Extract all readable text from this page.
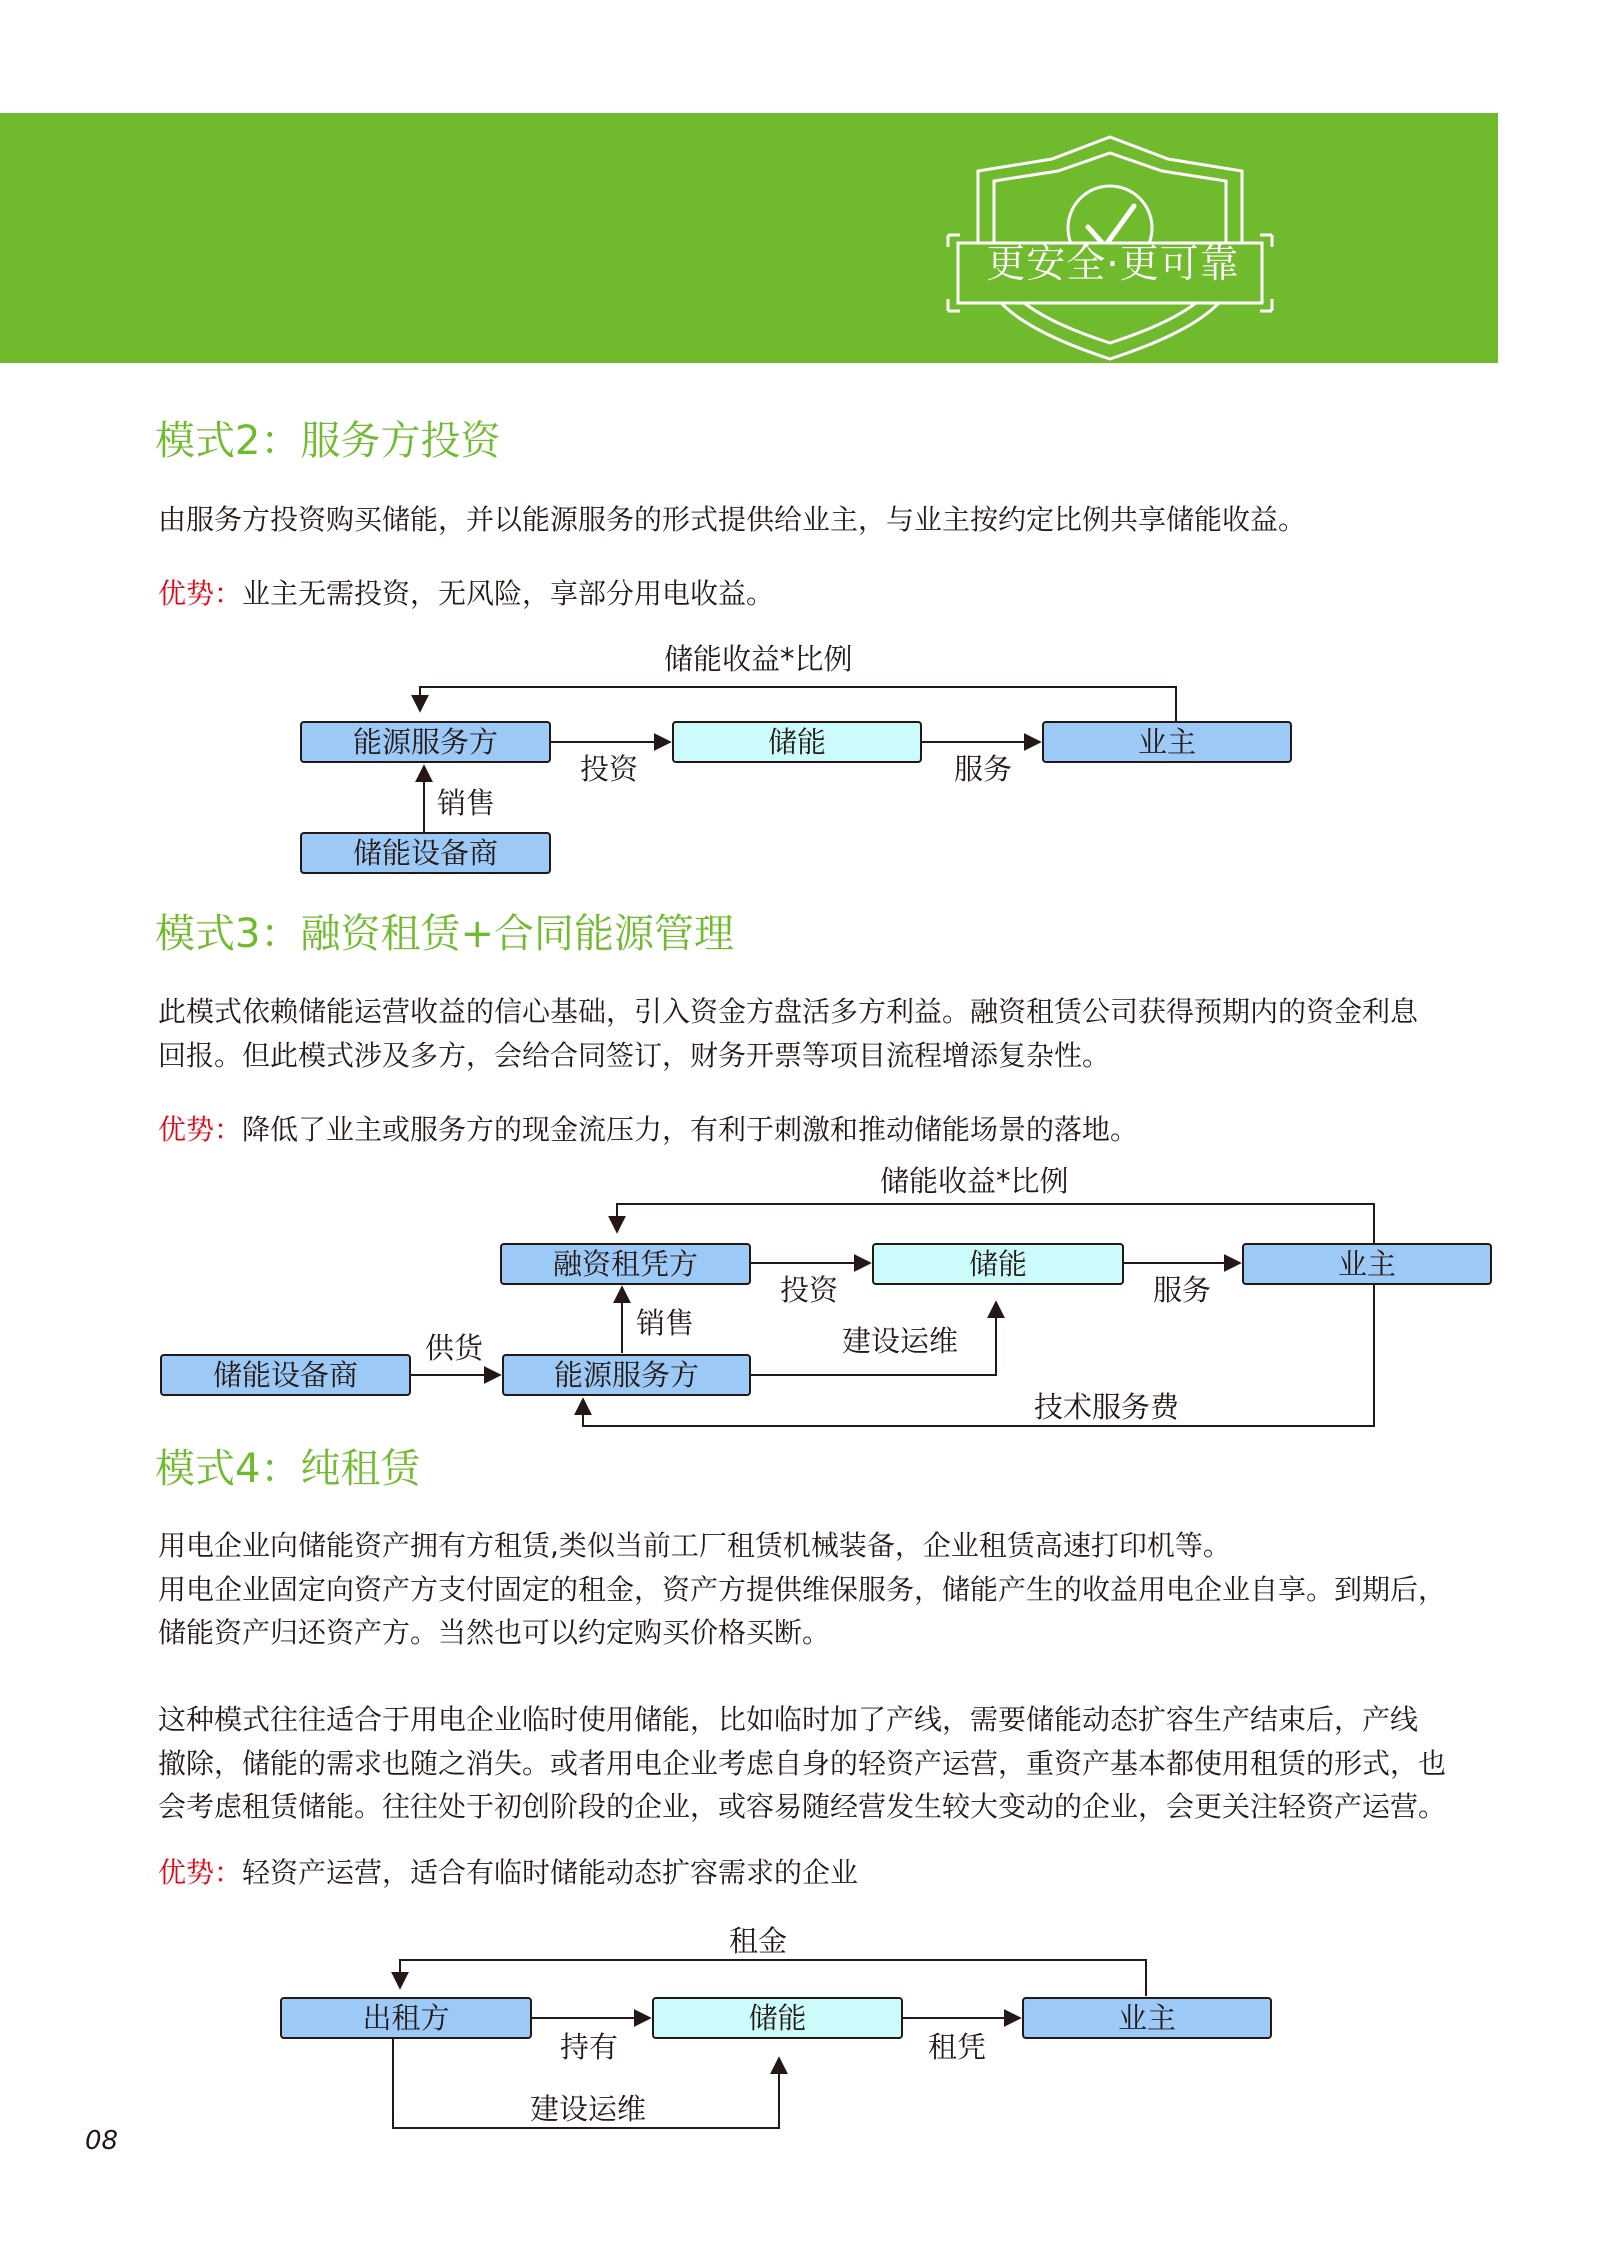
更安全·更可靠
模式2：服务方投资
由服务方投资购买储能，并以能源服务的形式提供给业主，与业主按约定比例共享储能收益。
优势：业主无需投资，无风险，享部分用电收益。
能源服务方	储能	业主
储能设备商
储能收益*比例
投资	服务
销售
模式3：融资租赁+合同能源管理
此模式依赖储能运营收益的信心基础，引入资金方盘活多方利益。融资租赁公司获得预期内的资金利息
回报。但此模式涉及多方，会给合同签订，财务开票等项目流程增添复杂性。
优势：降低了业主或服务方的现金流压力，有利于刺激和推动储能场景的落地。
融资租凭方	储能	业主
储能设备商	能源服务方
储能收益*比例
投资	服务
销售
供货	建设运维
技术服务费
模式4：纯租赁
用电企业向储能资产拥有方租赁,类似当前工厂租赁机械装备，企业租赁高速打印机等。
用电企业固定向资产方支付固定的租金，资产方提供维保服务，储能产生的收益用电企业自享。到期后，
储能资产归还资产方。当然也可以约定购买价格买断。
这种模式往往适合于用电企业临时使用储能，比如临时加了产线，需要储能动态扩容生产结束后，产线
撤除，储能的需求也随之消失。或者用电企业考虑自身的轻资产运营，重资产基本都使用租赁的形式，也
会考虑租赁储能。往往处于初创阶段的企业，或容易随经营发生较大变动的企业，会更关注轻资产运营。
优势：轻资产运营，适合有临时储能动态扩容需求的企业
出租方	储能	业主
租金
持有	租凭
建设运维
08
